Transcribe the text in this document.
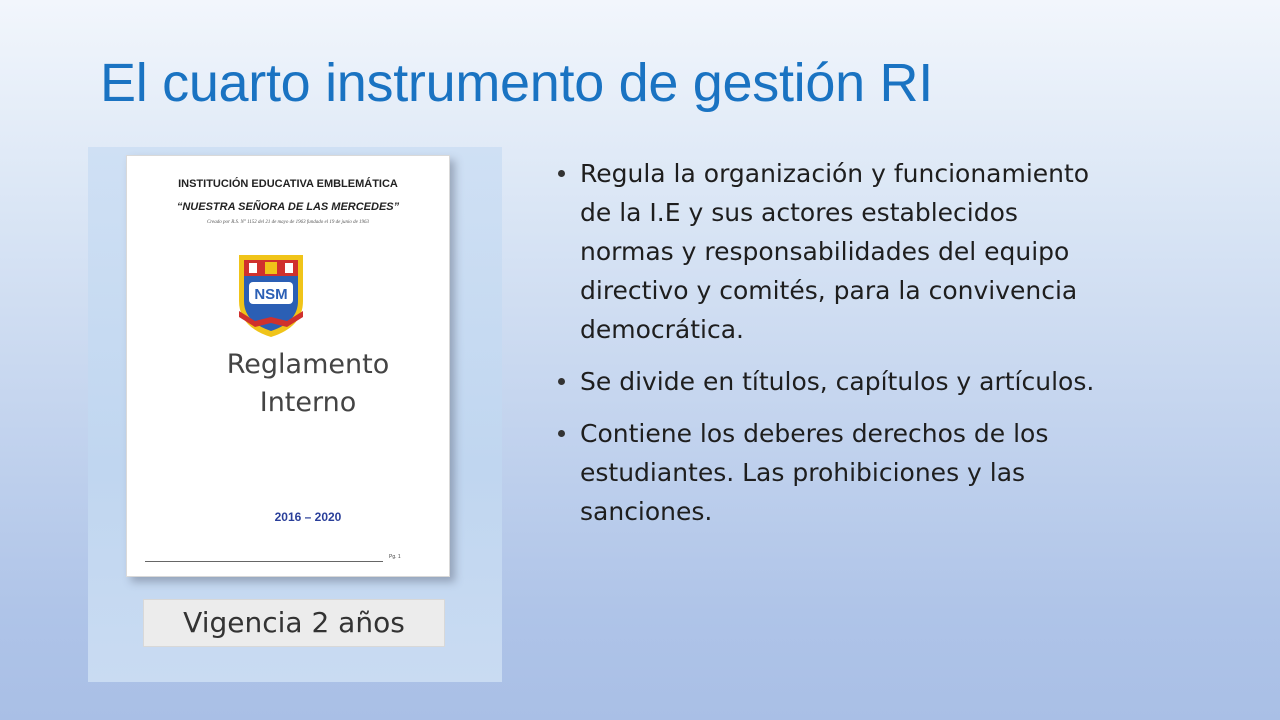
El cuarto instrumento de gestión RI
INSTITUCIÓN EDUCATIVA EMBLEMÁTICA
“NUESTRA SEÑORA DE LAS MERCEDES”
Creado por R.S. N° 1152 del 21 de mayo de 1963 fundado el 19 de junio de 1963
NSM
Reglamento
Interno
2016 – 2020
Pg. 1
Vigencia 2 años
Regula la organización y funcionamiento de la I.E y sus actores establecidos normas y responsabilidades del equipo directivo y comités, para la convivencia democrática.
Se divide en títulos, capítulos y artículos.
Contiene los deberes derechos de los estudiantes. Las prohibiciones y las sanciones.
